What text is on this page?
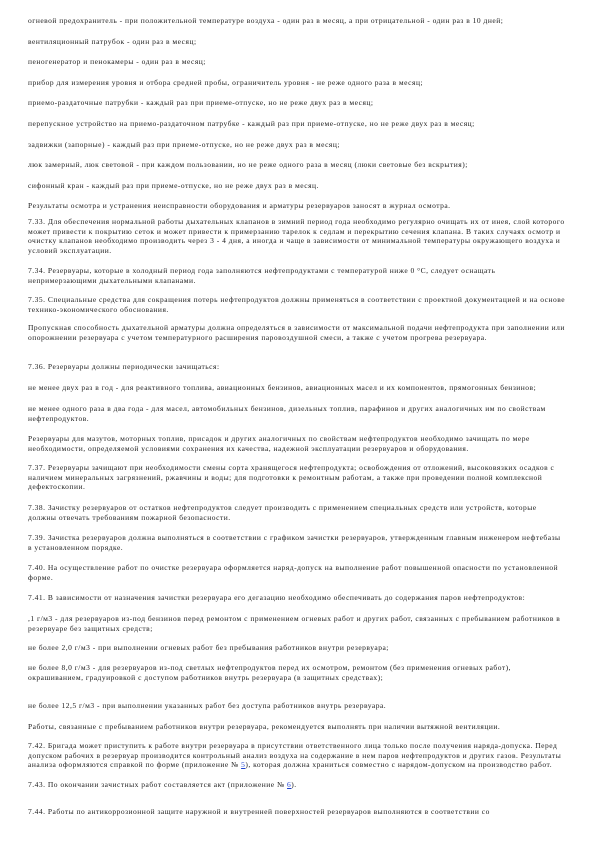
огневой предохранитель - при положительной температуре воздуха - один раз в месяц, а при отрицательной - один раз в 10 дней;

вентиляционный патрубок - один раз в месяц;

пеногенератор и пенокамеры - один раз в месяц;

прибор для измерения уровня и отбора средней пробы, ограничитель уровня - не реже одного раза в месяц;

приемо-раздаточные патрубки - каждый раз при приеме-отпуске, но не реже двух раз в месяц;

перепускное устройство на приемо-раздаточном патрубке - каждый раз при приеме-отпуске, но не реже двух раз в месяц;

задвижки (запорные) - каждый раз при приеме-отпуске, но не реже двух раз в месяц;

люк замерный, люк световой - при каждом пользовании, но не реже одного раза в месяц (люки световые без вскрытия);

сифонный кран - каждый раз при приеме-отпуске, но не реже двух раз в месяц.

Результаты осмотра и устранения неисправности оборудования и арматуры резервуаров заносят в журнал осмотра.

7.33. Для обеспечения нормальной работы дыхательных клапанов в зимний период года необходимо регулярно очищать их от инея, слой которого может привести к покрытию сеток и может привести к примерзанию тарелок к седлам и перекрытию сечения клапана. В таких случаях осмотр и очистку клапанов необходимо производить через 3 - 4 дня, а иногда и чаще в зависимости от минимальной температуры окружающего воздуха и условий эксплуатации.

7.34. Резервуары, которые в холодный период года заполняются нефтепродуктами с температурой ниже 0 °С, следует оснащать непримерзающими дыхательными клапанами.

7.35. Специальные средства для сокращения потерь нефтепродуктов должны применяться в соответствии с проектной документацией и на основе технико-экономического обоснования.

Пропускная способность дыхательной арматуры должна определяться в зависимости от максимальной подачи нефтепродукта при заполнении или опорожнении резервуара с учетом температурного расширения паровоздушной смеси, а также с учетом прогрева резервуара.

7.36. Резервуары должны периодически зачищаться:

не менее двух раз в год - для реактивного топлива, авиационных бензинов, авиационных масел и их компонентов, прямогонных бензинов;

не менее одного раза в два года - для масел, автомобильных бензинов, дизельных топлив, парафинов и других аналогичных им по свойствам нефтепродуктов.

Резервуары для мазутов, моторных топлив, присадок и других аналогичных по свойствам нефтепродуктов необходимо зачищать по мере необходимости, определяемой условиями сохранения их качества, надежной эксплуатации резервуаров и оборудования.

7.37. Резервуары зачищают при необходимости смены сорта хранящегося нефтепродукта; освобождения от отложений, высоковязких осадков с наличием минеральных загрязнений, ржавчины и воды; для подготовки к ремонтным работам, а также при проведении полной комплексной дефектоскопии.

7.38. Зачистку резервуаров от остатков нефтепродуктов следует производить с применением специальных средств или устройств, которые должны отвечать требованиям пожарной безопасности.

7.39. Зачистка резервуаров должна выполняться в соответствии с графиком зачистки резервуаров, утвержденным главным инженером нефтебазы в установленном порядке.

7.40. На осуществление работ по очистке резервуара оформляется наряд-допуск на выполнение работ повышенной опасности по установленной форме.

7.41. В зависимости от назначения зачистки резервуара его дегазацию необходимо обеспечивать до содержания паров нефтепродуктов:

,1 г/м3 - для резервуаров из-под бензинов перед ремонтом с применением огневых работ и других работ, связанных с пребыванием работников в резервуаре без защитных средств;

не более 2,0 г/м3 - при выполнении огневых работ без пребывания работников внутри резервуара;

не более 8,0 г/м3 - для резервуаров из-под светлых нефтепродуктов перед их осмотром, ремонтом (без применения огневых работ), окрашиванием, градуировкой с доступом работников внутрь резервуара (в защитных средствах);

не более 12,5 г/м3 - при выполнении указанных работ без доступа работников внутрь резервуара.

Работы, связанные с пребыванием работников внутри резервуара, рекомендуется выполнять при наличии вытяжной вентиляции.

7.42. Бригада может приступить к работе внутри резервуара в присутствии ответственного лица только после получения наряда-допуска. Перед допуском рабочих в резервуар производится контрольный анализ воздуха на содержание в нем паров нефтепродуктов и других газов. Результаты анализа оформляются справкой по форме (приложение № 5), которая должна храниться совместно с нарядом-допуском на производство работ.

7.43. По окончании зачистных работ составляется акт (приложение № 6).

7.44. Работы по антикоррозионной защите наружной и внутренней поверхностей резервуаров выполняются в соответствии со
